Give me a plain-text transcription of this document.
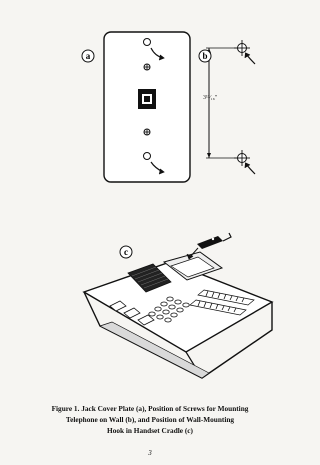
a	b
c
3¹³⁄₁₆"
Figure 1. Jack Cover Plate (a), Position of Screws for Mounting
Telephone on Wall (b), and Position of Wall-Mounting
Hook in Handset Cradle (c)
3
